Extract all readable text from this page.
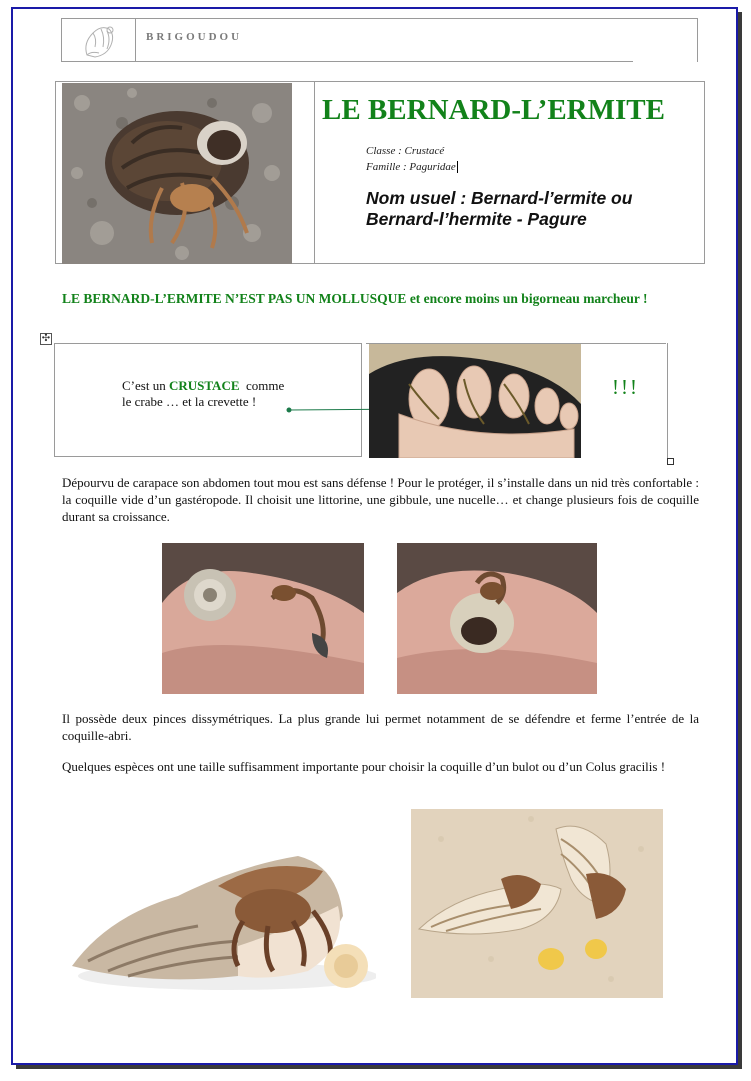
BRIGOUDOU
LE BERNARD-L’ERMITE
Classe : Crustacé
Famille : Paguridae
Nom usuel : Bernard-l’ermite ou
Bernard-l’hermite - Pagure
LE BERNARD-L’ERMITE N’EST PAS UN MOLLUSQUE et encore moins un bigorneau marcheur !
✣
C’est un CRUSTACE  comme
le crabe … et la crevette !
!!!
Dépourvu de carapace son abdomen tout mou est sans défense ! Pour le protéger, il s’installe dans un nid très confortable : la coquille vide d’un gastéropode. Il choisit une littorine, une gibbule, une nucelle… et change plusieurs fois de coquille durant sa croissance.
Il possède deux pinces dissymétriques. La plus grande lui permet notamment de se défendre et ferme l’entrée de la coquille-abri.
Quelques espèces ont une taille suffisamment importante pour choisir la coquille d’un bulot ou d’un Colus gracilis !
